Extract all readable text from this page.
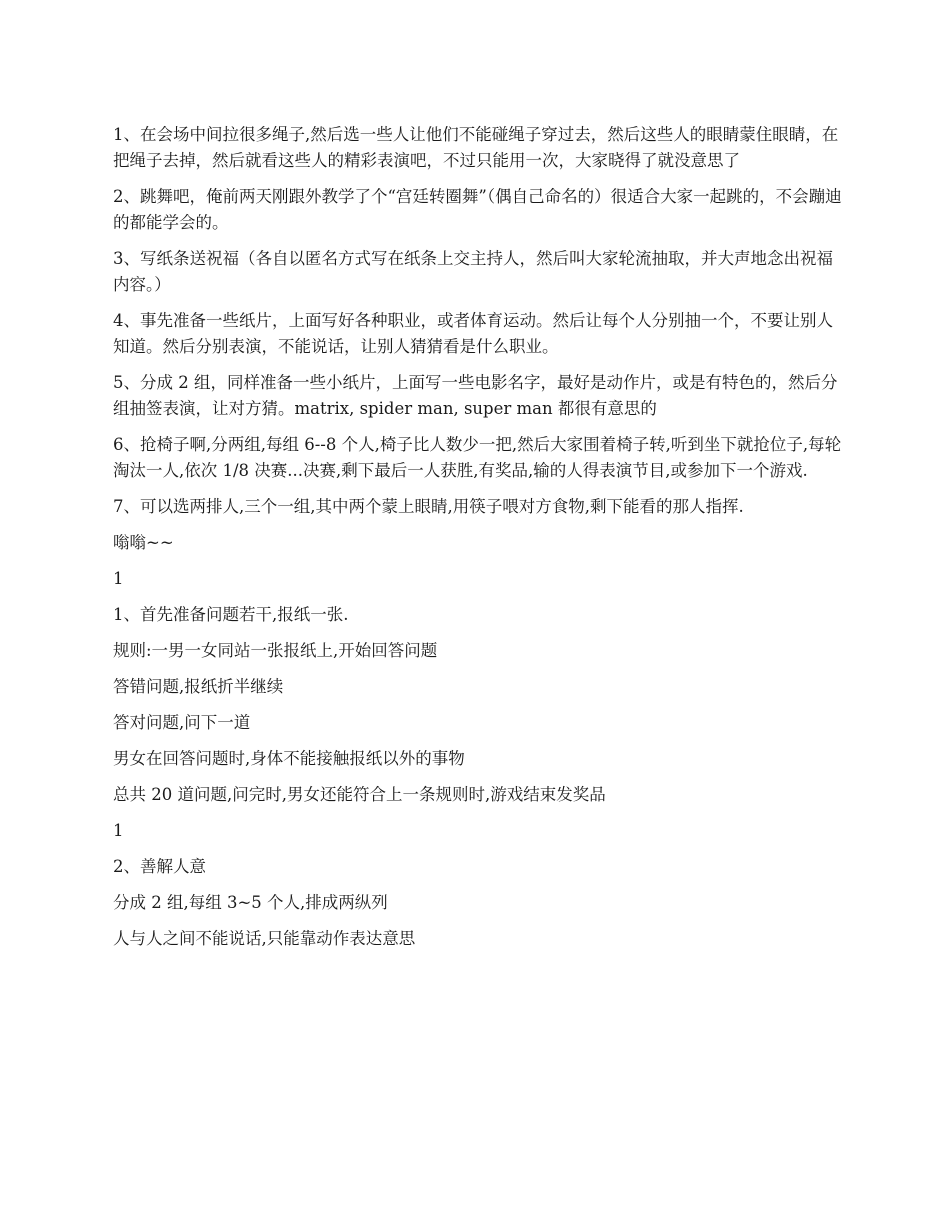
1、在会场中间拉很多绳子,然后选一些人让他们不能碰绳子穿过去，然后这些人的眼睛蒙住眼睛，在把绳子去掉，然后就看这些人的精彩表演吧，不过只能用一次，大家晓得了就没意思了

2、跳舞吧，俺前两天刚跟外教学了个“宫廷转圈舞”（偶自己命名的）很适合大家一起跳的，不会蹦迪的都能学会的。

3、写纸条送祝福（各自以匿名方式写在纸条上交主持人，然后叫大家轮流抽取，并大声地念出祝福内容。）

4、事先准备一些纸片，上面写好各种职业，或者体育运动。然后让每个人分别抽一个，不要让别人知道。然后分别表演，不能说话，让别人猜猜看是什么职业。

5、分成 2 组，同样准备一些小纸片，上面写一些电影名字，最好是动作片，或是有特色的，然后分组抽签表演，让对方猜。matrix, spider man, super man 都很有意思的

6、抢椅子啊,分两组,每组 6--8 个人,椅子比人数少一把,然后大家围着椅子转,听到坐下就抢位子,每轮淘汰一人,依次 1/8 决赛...决赛,剩下最后一人获胜,有奖品,输的人得表演节目,或参加下一个游戏.

7、可以选两排人,三个一组,其中两个蒙上眼睛,用筷子喂对方食物,剩下能看的那人指挥.

嗡嗡~~

1

1、首先准备问题若干,报纸一张.

规则:一男一女同站一张报纸上,开始回答问题

答错问题,报纸折半继续

答对问题,问下一道

男女在回答问题时,身体不能接触报纸以外的事物

总共 20 道问题,问完时,男女还能符合上一条规则时,游戏结束发奖品

1

2、善解人意

分成 2 组,每组 3~5 个人,排成两纵列

人与人之间不能说话,只能靠动作表达意思
